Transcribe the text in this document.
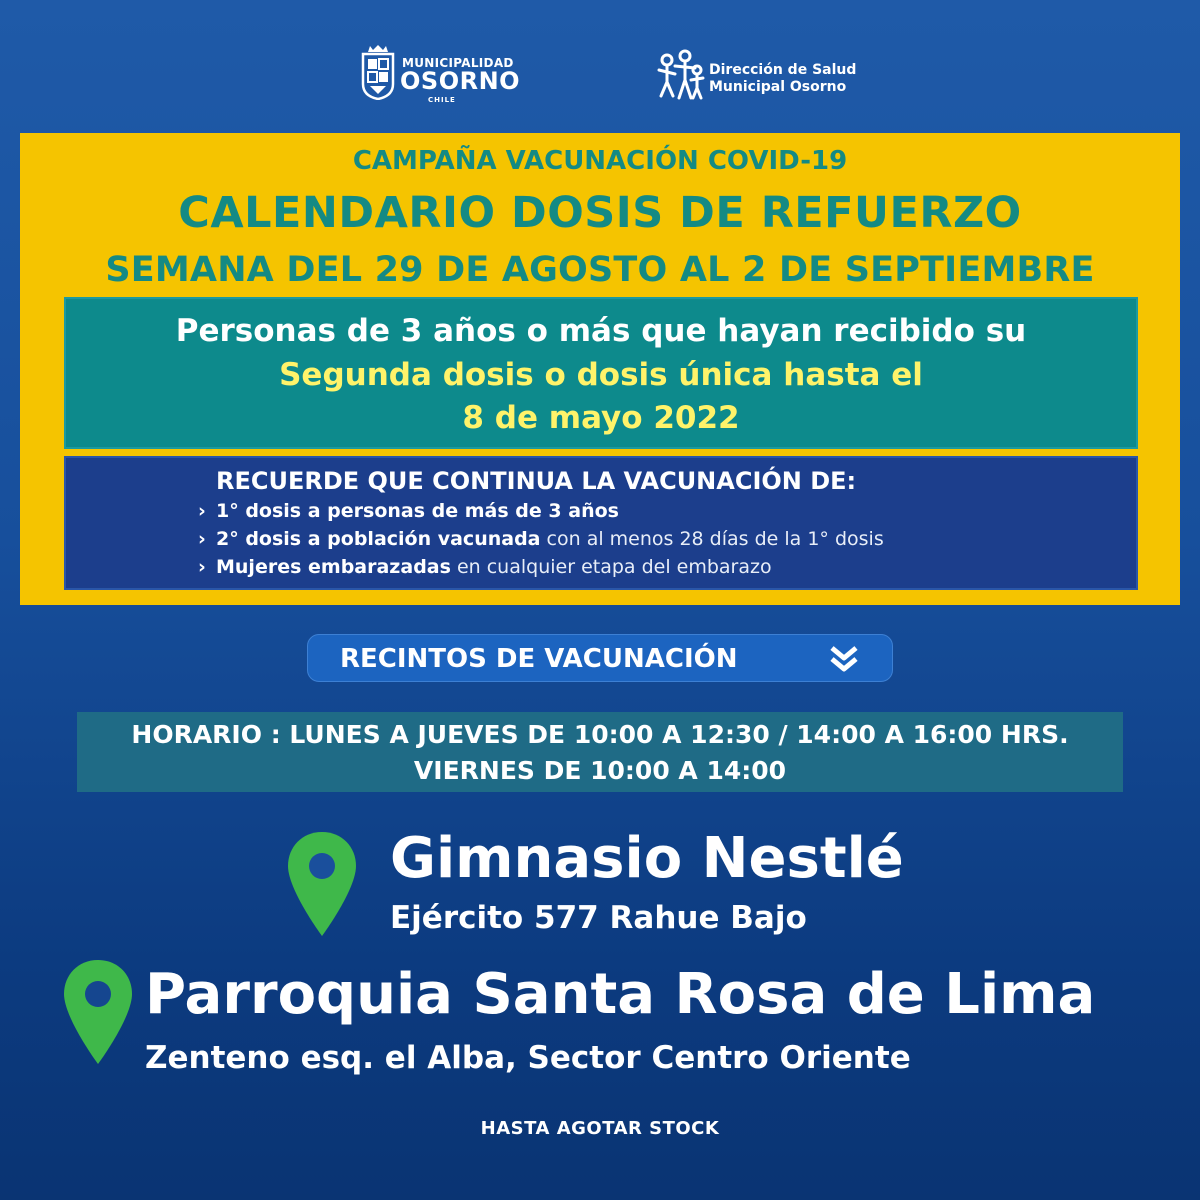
MUNICIPALIDAD
OSORNO
CHILE
Dirección de Salud
Municipal Osorno
CAMPAÑA VACUNACIÓN COVID-19
CALENDARIO DOSIS DE REFUERZO
SEMANA DEL 29 DE AGOSTO AL 2 DE SEPTIEMBRE
Personas de 3 años o más que hayan recibido su
Segunda dosis o dosis única hasta el
8 de mayo 2022
RECUERDE QUE CONTINUA LA VACUNACIÓN DE:
› 1° dosis a personas de más de 3 años
› 2° dosis a población vacunada con al menos 28 días de la 1° dosis
› Mujeres embarazadas en cualquier etapa del embarazo
RECINTOS DE VACUNACIÓN
HORARIO : LUNES A JUEVES DE 10:00 A 12:30 / 14:00 A 16:00 HRS.
VIERNES DE 10:00 A 14:00
Gimnasio Nestlé
Ejército 577 Rahue Bajo
Parroquia Santa Rosa de Lima
Zenteno esq. el Alba, Sector Centro Oriente
HASTA AGOTAR STOCK
